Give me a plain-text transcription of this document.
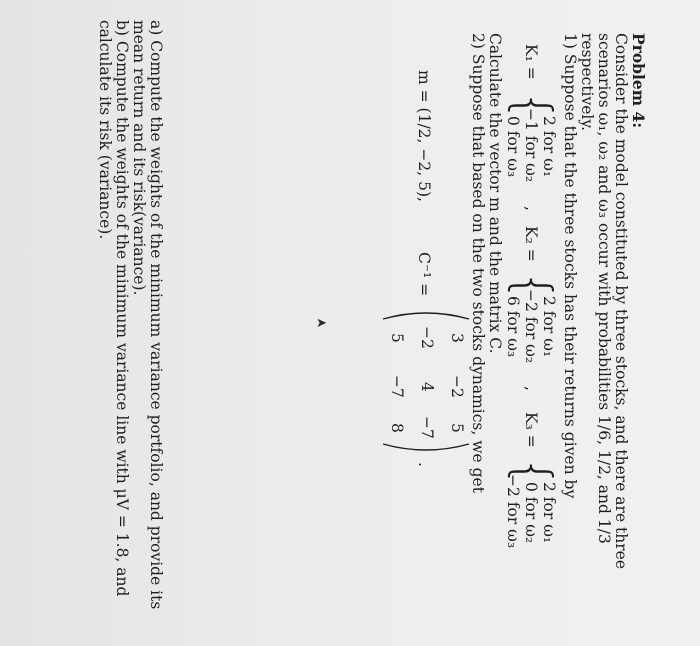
Problem 4:
Consider the model constituted by three stocks, and there are three
scenarios ω₁, ω₂ and ω₃ occur with probabilities 1/6, 1/2, and 1/3
respectively.
1) Suppose that the three stocks has their returns given by
K₁ =
{
2 for ω₁
−1 for ω₂
0 for ω₃
,
K₂ =
{
2 for ω₁
−2 for ω₂
6 for ω₃
,
K₃ =
{
2 for ω₁
0 for ω₂
−2 for ω₃
Calculate the vector m and the matrix C.
2) Suppose that based on the two stocks dynamics, we get
m = (1/2, −2, 5),
C⁻¹ =
3
−2
5
−2
4
−7
5
−7
8
.
➤
a) Compute the weights of the minimum variance portfolio, and provide its
mean return and its risk(variance).
b) Compute the weights of the minimum variance line with μV = 1.8, and
calculate its risk (variance).
